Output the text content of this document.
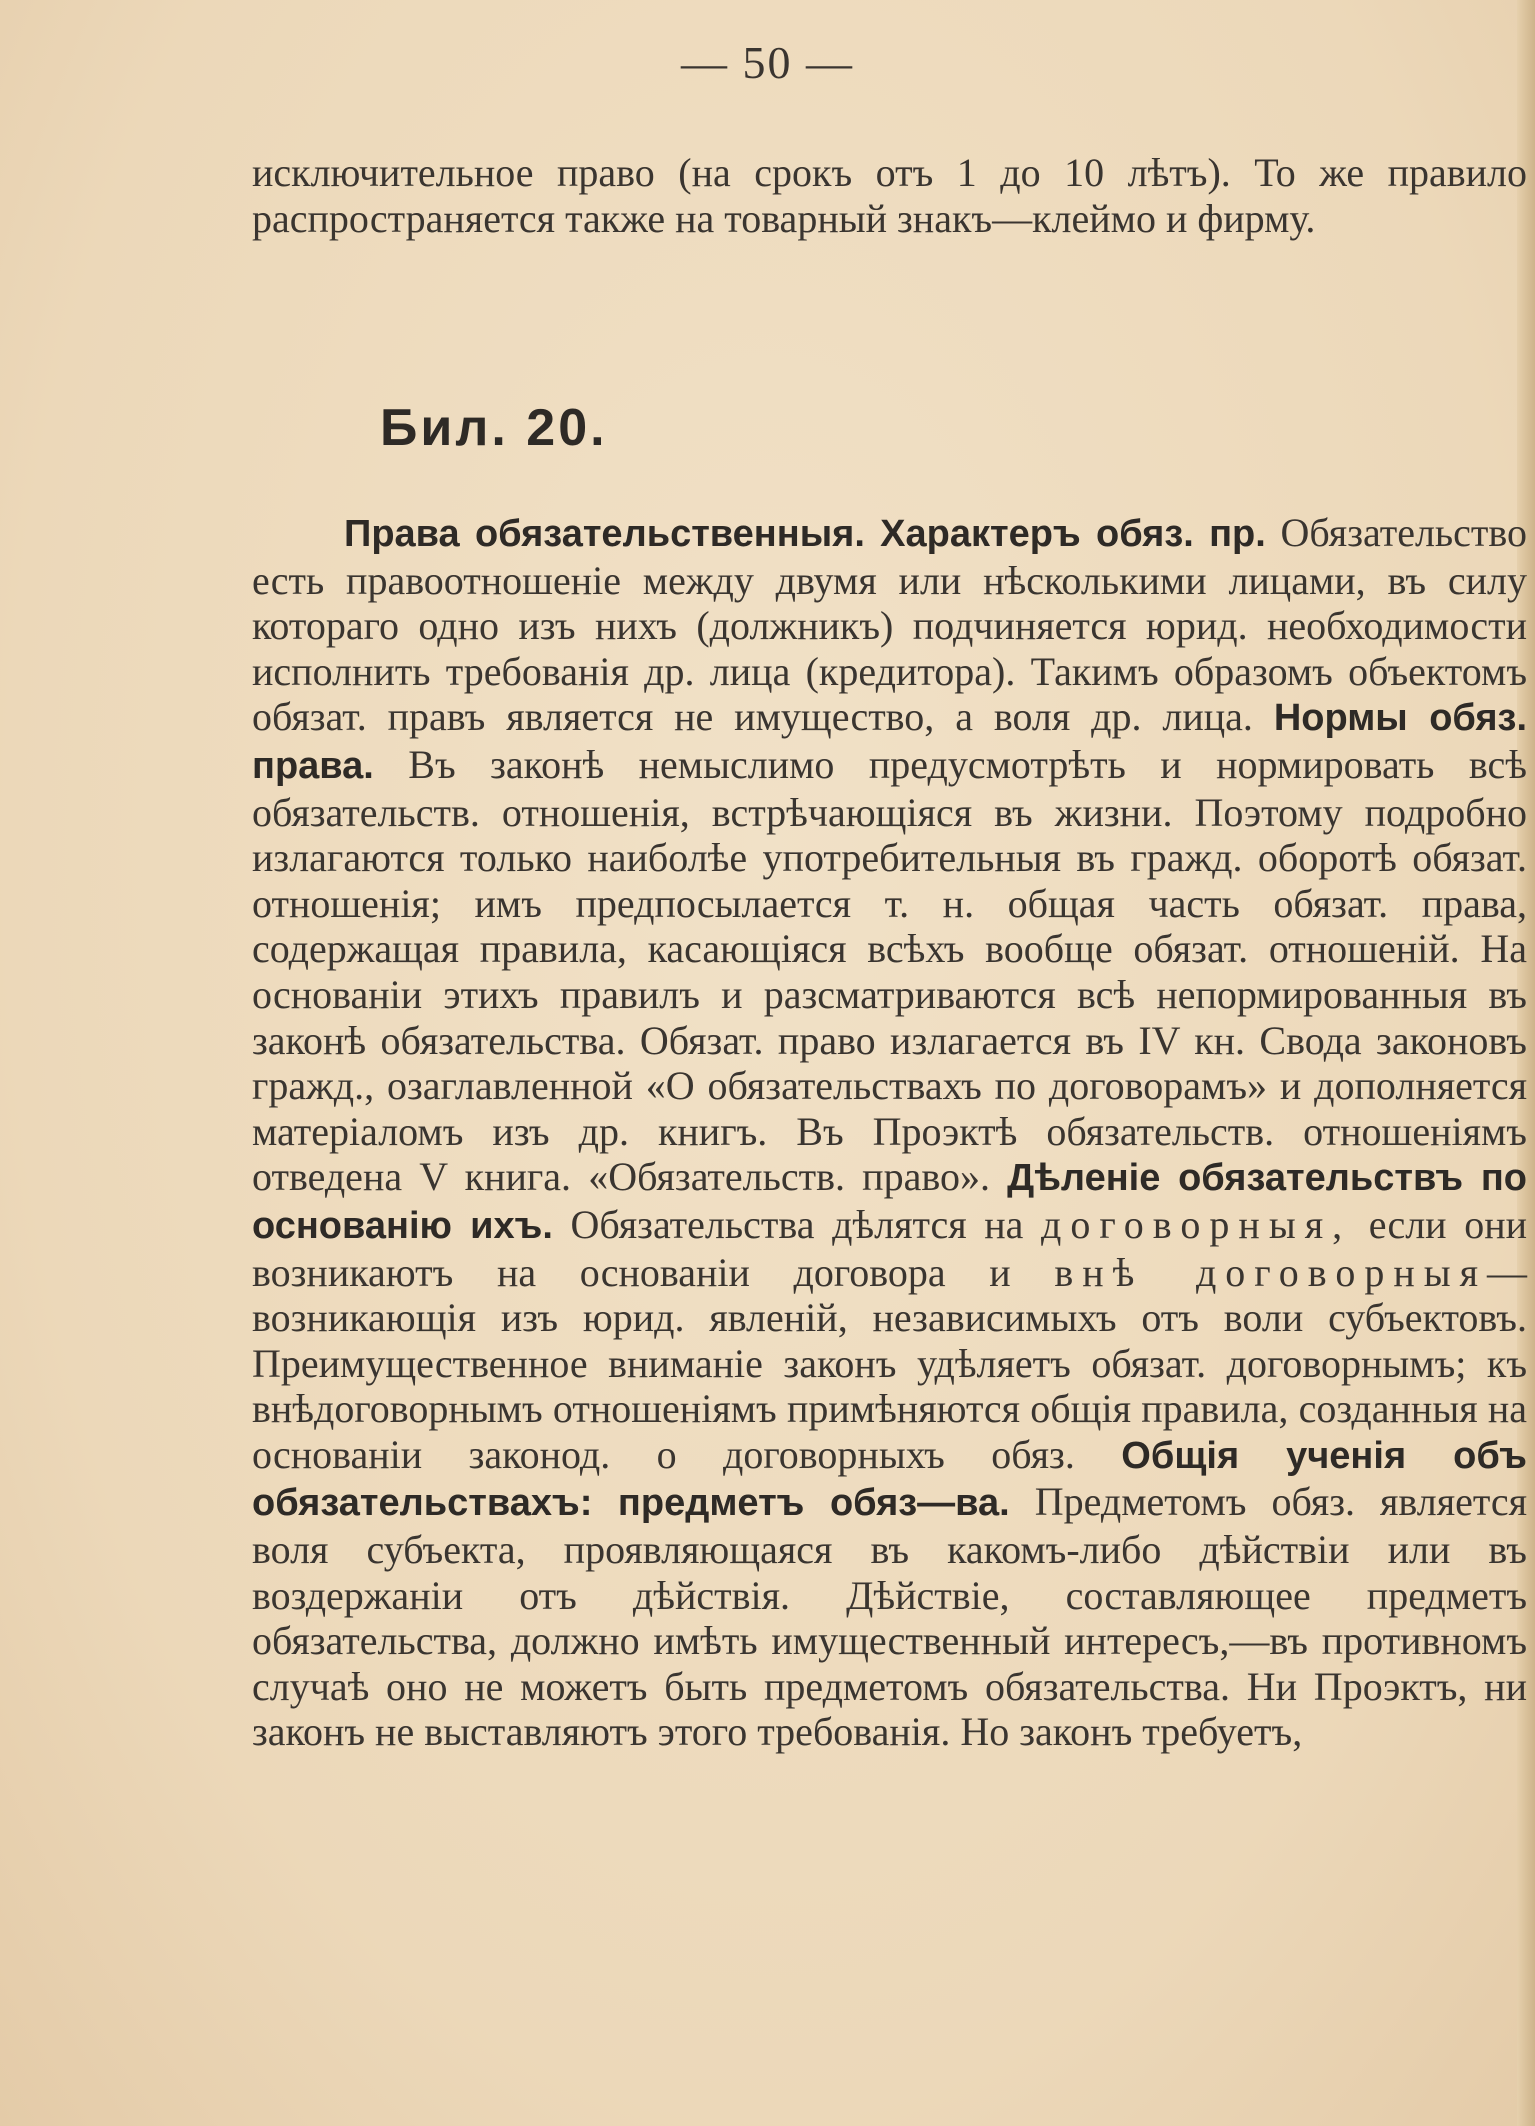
— 50 —
исключительное право (на срокъ отъ 1 до 10 лѣтъ). То же правило распространяется также на товарный знакъ—клеймо и фирму.
Бил. 20.
Права обязательственныя. Характеръ обяз. пр. Обязательство есть правоотношеніе между двумя или нѣсколькими лицами, въ силу котораго одно изъ нихъ (должникъ) подчиняется юрид. необходимости исполнить требованія др. лица (кредитора). Такимъ образомъ объектомъ обязат. правъ является не имущество, а воля др. лица. Нормы обяз. права. Въ законѣ немыслимо предусмотрѣть и нормировать всѣ обязательств. отношенія, встрѣчающіяся въ жизни. Поэтому подробно излагаются только наиболѣе употребительныя въ гражд. оборотѣ обязат. отношенія; имъ предпосылается т. н. общая часть обязат. права, содержащая правила, касающіяся всѣхъ вообще обязат. отношеній. На основаніи этихъ правилъ и разсматриваются всѣ непормированныя въ законѣ обязательства. Обязат. право излагается въ IV кн. Свода законовъ гражд., озаглавленной «О обязательствахъ по договорамъ» и дополняется матеріаломъ изъ др. книгъ. Въ Проэктѣ обязательств. отношеніямъ отведена V книга. «Обязательств. право». Дѣленіе обязательствъ по основанію ихъ. Обязательства дѣлятся на договорныя, если они возникаютъ на основаніи договора и внѣ договорныя—возникающія изъ юрид. явленій, независимыхъ отъ воли субъектовъ. Преимущественное вниманіе законъ удѣляетъ обязат. договорнымъ; къ внѣдоговорнымъ отношеніямъ примѣняются общія правила, созданныя на основаніи законод. о договорныхъ обяз. Общія ученія объ обязательствахъ: предметъ обяз—ва. Предметомъ обяз. является воля субъекта, проявляющаяся въ какомъ-либо дѣйствіи или въ воздержаніи отъ дѣйствія. Дѣйствіе, составляющее предметъ обязательства, должно имѣть имущественный интересъ,—въ противномъ случаѣ оно не можетъ быть предметомъ обязательства. Ни Проэктъ, ни законъ не выставляютъ этого требованія. Но законъ требуетъ,
